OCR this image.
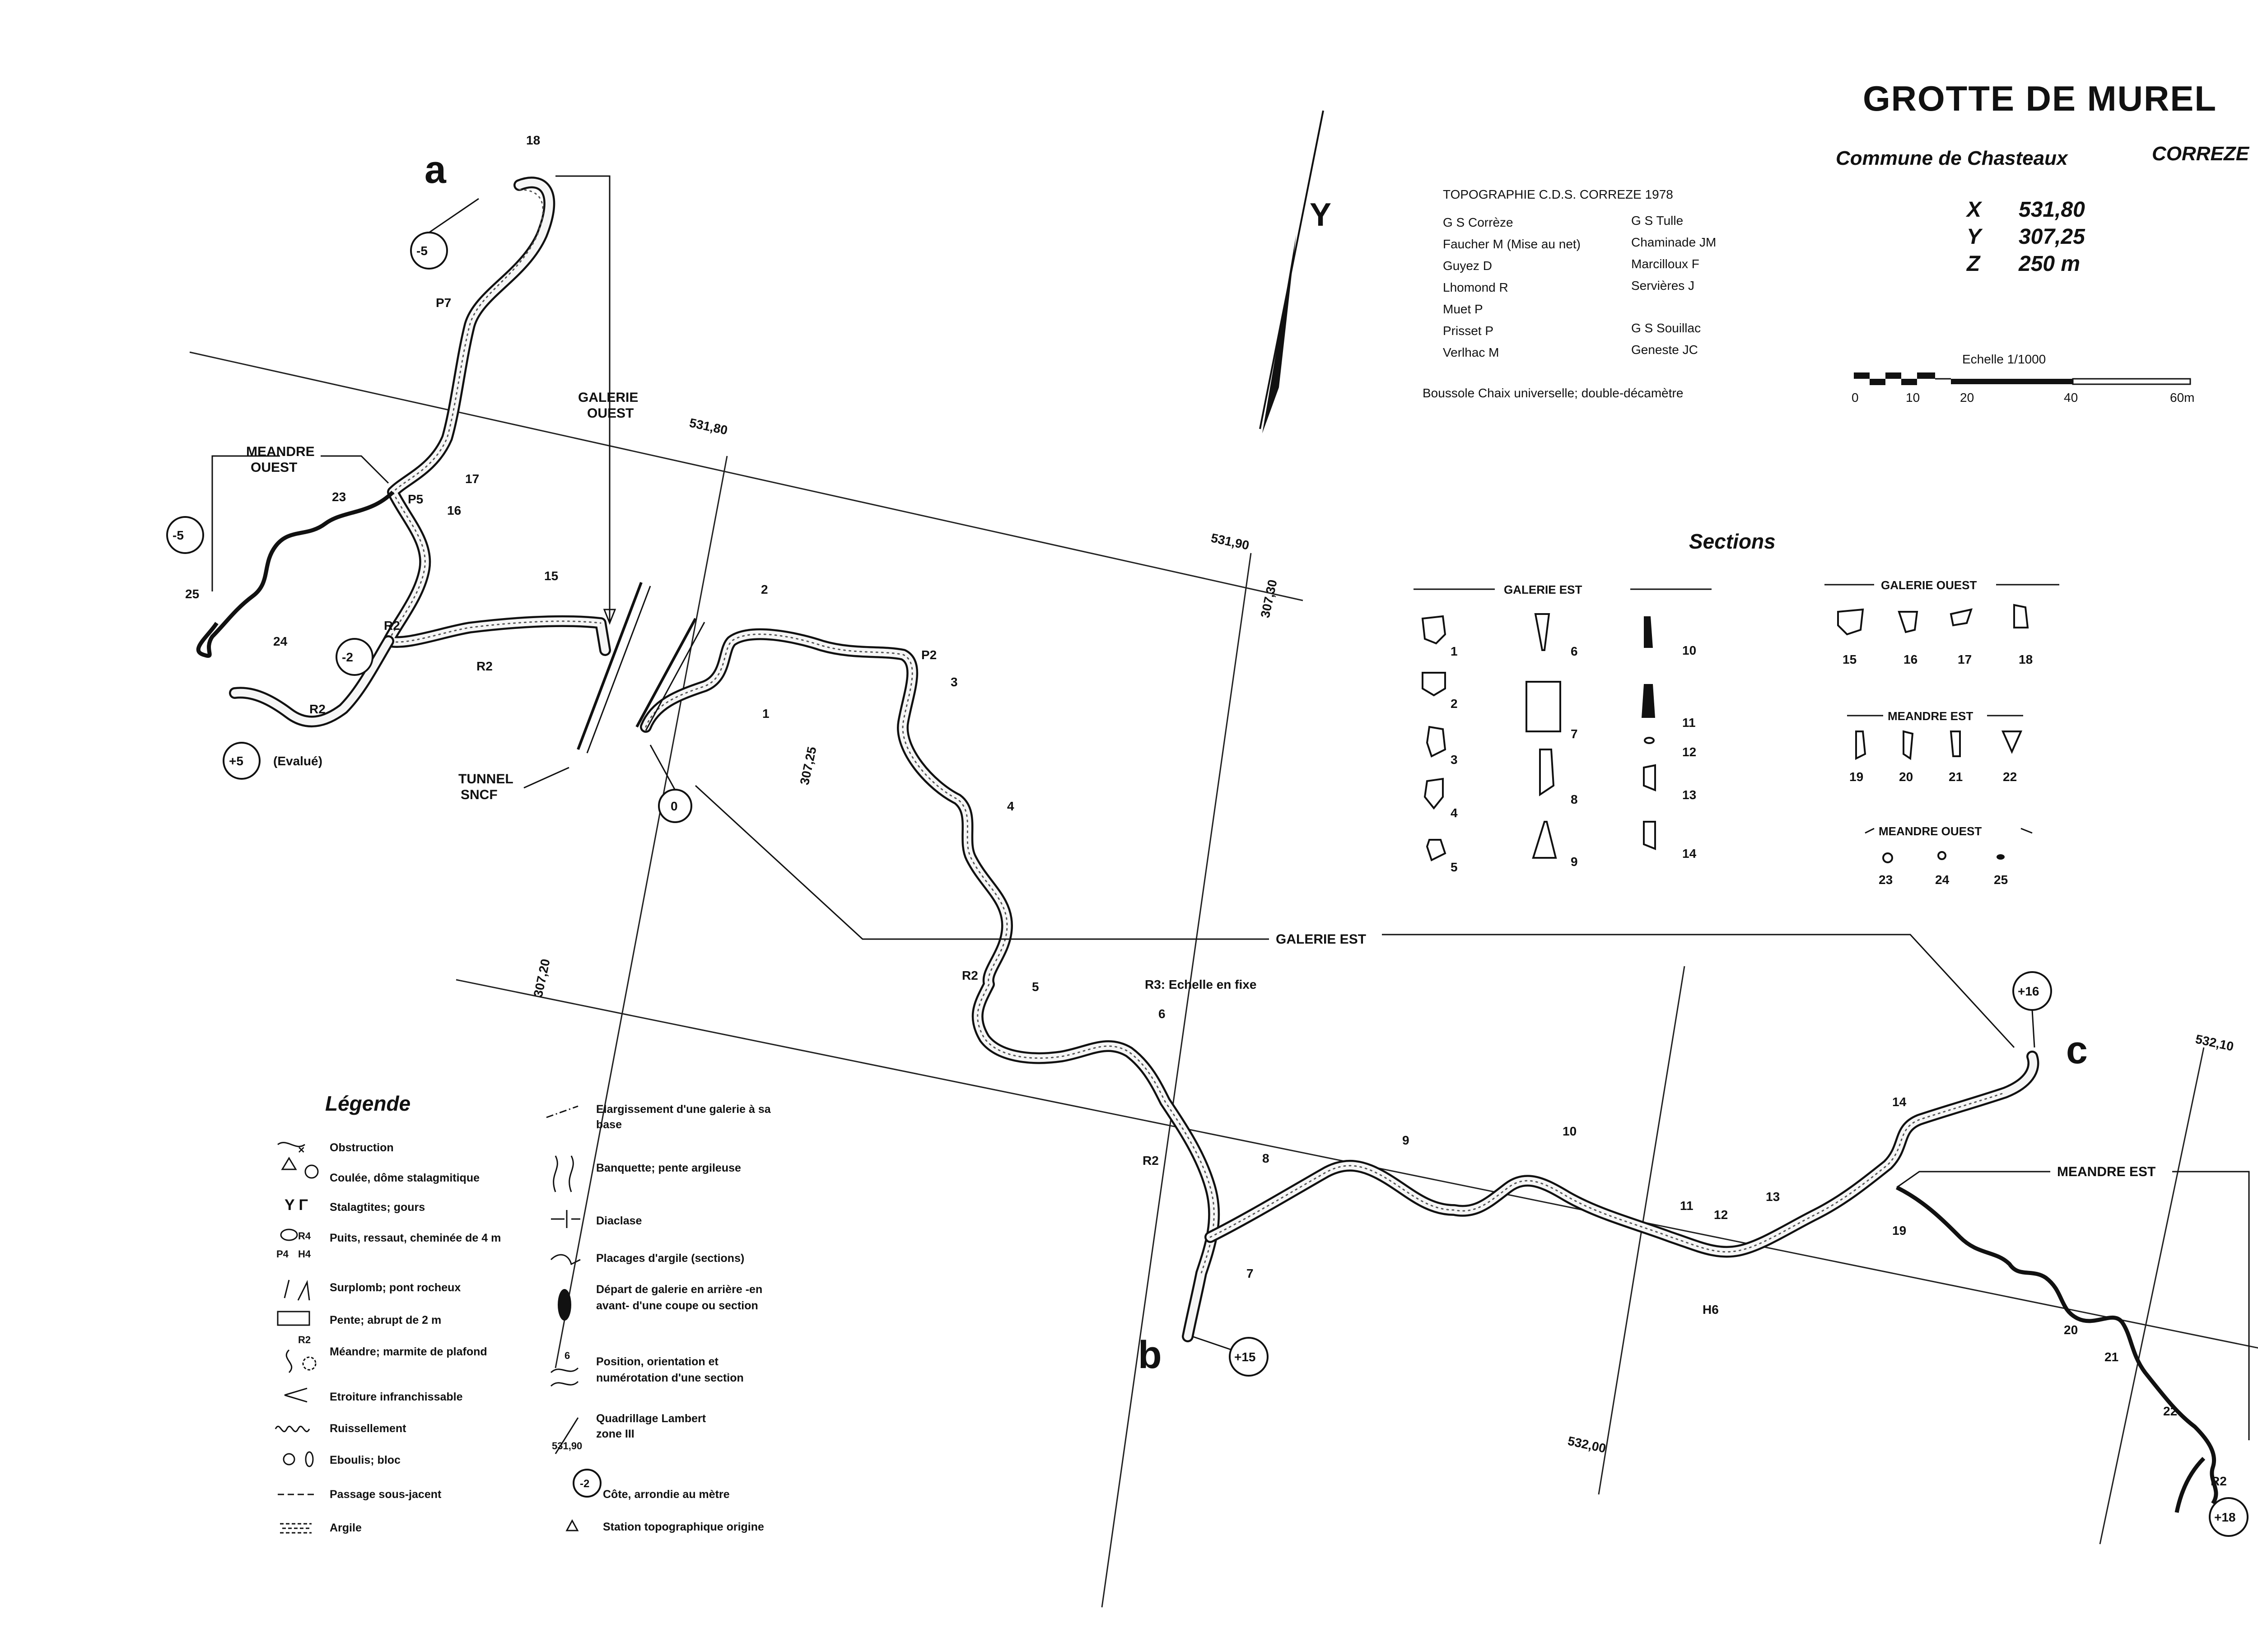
GROTTE DE MUREL
Commune de Chasteaux	CORREZE
X 531,80
Y 307,25
Z 250 m
TOPOGRAPHIE C.D.S. CORREZE 1978
G S Corrèze
Faucher M (Mise au net)
Guyez D
Lhomond R
Muet P
Prisset P
Verlhac M
G S Tulle
Chaminade JM
Marcilloux F
Servières J
G S Souillac
Geneste JC
Boussole Chaix universelle; double-décamètre
Echelle 1/1000
0	10	20	40	60m
Y
531,80
531,90
532,00
532,10
307,30
307,25
307,20
a
b
c
GALERIE
OUEST
MEANDRE
OUEST
TUNNEL
SNCF
GALERIE EST
MEANDRE EST
R3: Echelle en fixe
(Evalué)
P7
P5
R2
R2
R2
P2
R2
R2
H6
R2
18
17
16
23
25
24
15
1
2
3
4
5
6
7
8
9
10
11
12
13
14
19
20
21
22
-5
-5
-2
+5
0
+15
+16
+18
Sections
GALERIE EST
1
2
3
4
5
6
7
8
9
10
11
12
13
14
GALERIE OUEST
15	16	17	18
MEANDRE EST
19	20	21	22
MEANDRE OUEST
23	24	25
Légende
×
Y Γ
R4
P4 H4
R2
Obstruction
Coulée, dôme stalagmitique
Stalagtites; gours
Puits, ressaut, cheminée de 4 m
Surplomb; pont rocheux
Pente; abrupt de 2 m
Méandre; marmite de plafond
Etroiture infranchissable
Ruissellement
Eboulis; bloc
Passage sous-jacent
Argile
6
531,90
-2
Elargissement d'une galerie à sa base
Banquette; pente argileuse
Diaclase
Placages d'argile (sections)
Départ de galerie en arrière -en avant- d'une coupe ou section
Position, orientation et numérotation d'une section
Quadrillage Lambert zone III
Côte, arrondie au mètre
Station topographique origine
